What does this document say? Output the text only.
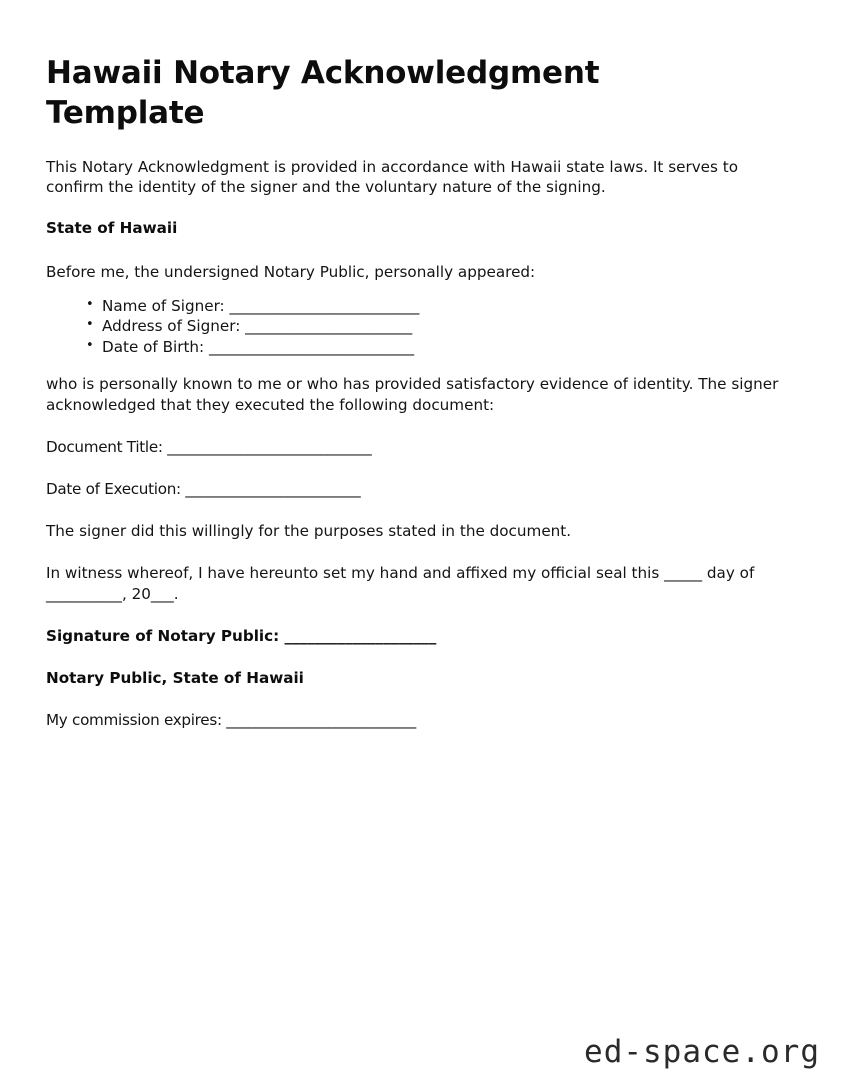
Hawaii Notary Acknowledgment Template

This Notary Acknowledgment is provided in accordance with Hawaii state laws. It serves to confirm the identity of the signer and the voluntary nature of the signing.

State of Hawaii

Before me, the undersigned Notary Public, personally appeared:

• Name of Signer: _________________________
• Address of Signer: ______________________
• Date of Birth: ___________________________

who is personally known to me or who has provided satisfactory evidence of identity. The signer acknowledged that they executed the following document:

Document Title: ____________________________

Date of Execution: ________________________

The signer did this willingly for the purposes stated in the document.

In witness whereof, I have hereunto set my hand and affixed my official seal this _____ day of __________, 20___.

Signature of Notary Public: ____________________

Notary Public, State of Hawaii

My commission expires: __________________________

ed-space.org
